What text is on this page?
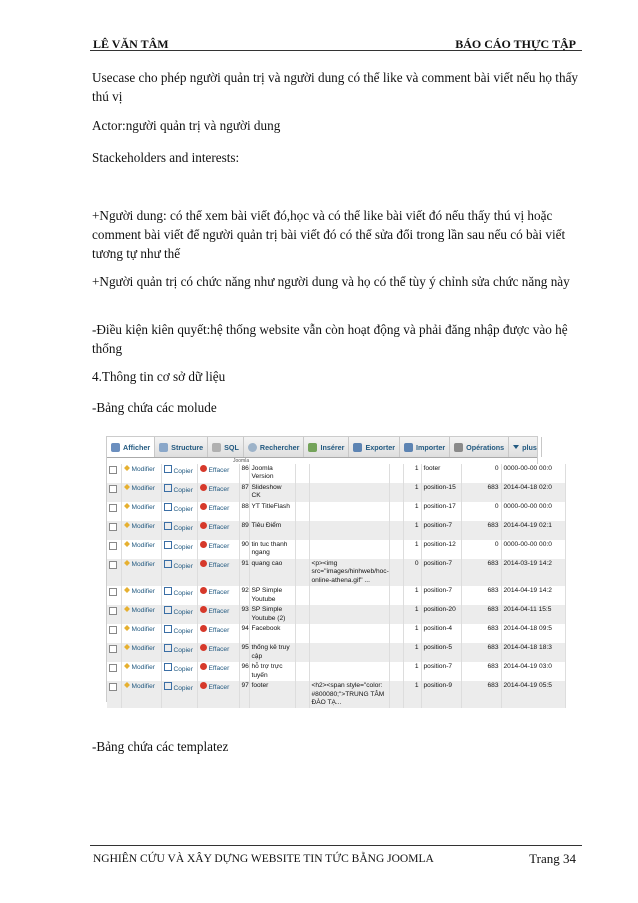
LÊ VĂN TÂM	BÁO CÁO THỰC TẬP

Usecase cho phép người quản trị và người dung có thể like và comment bài viết nếu họ thấy thú vị

Actor:người quản trị và người dung

Stackeholders and interests:

+Người dung: có thể xem bài viết đó,học và có thể like bài viết đó nếu thấy thú vị hoặc comment bài viết để người quản trị bài viết đó có thể sửa đổi trong lần sau nếu có bài viết tương tự như thế

+Người quản trị có chức năng như người dung và họ có thể tùy ý chỉnh sửa chức năng này

-Điều kiện kiên quyết:hệ thống website vẫn còn hoạt động và phải đăng nhập được vào hệ thống

4.Thông tin cơ sở dữ liệu

-Bảng chứa các molude

Afficher	Structure	SQL	Rechercher	Insérer	Exporter	Importer	Opérations	plus
Joomla
	Modifier	Copier	Effacer	86	Joomla Version				1	footer	0	0000-00-00 00:0
	Modifier	Copier	Effacer	87	Slideshow CK				1	position-15	683	2014-04-18 02:0
	Modifier	Copier	Effacer	88	YT TitleFlash				1	position-17	0	0000-00-00 00:0
	Modifier	Copier	Effacer	89	Tiêu Điểm				1	position-7	683	2014-04-19 02:1
	Modifier	Copier	Effacer	90	tin tuc thanh ngang				1	position-12	0	0000-00-00 00:0
	Modifier	Copier	Effacer	91	quang cao		<p><img src="images/hinhweb/hoc-online-athena.gif" ...		0	position-7	683	2014-03-19 14:2
	Modifier	Copier	Effacer	92	SP Simple Youtube				1	position-7	683	2014-04-19 14:2
	Modifier	Copier	Effacer	93	SP Simple Youtube (2)				1	position-20	683	2014-04-11 15:5
	Modifier	Copier	Effacer	94	Facebook				1	position-4	683	2014-04-18 09:5
	Modifier	Copier	Effacer	95	thống kê truy cập				1	position-5	683	2014-04-18 18:3
	Modifier	Copier	Effacer	96	hỗ trợ trực tuyến				1	position-7	683	2014-04-19 03:0
	Modifier	Copier	Effacer	97	footer		<h2><span style="color: #800080;">TRUNG TÂM ĐÀO TẠ...		1	position-9	683	2014-04-19 05:5

-Bảng chứa các templatez

NGHIÊN CỨU VÀ XÂY DỰNG WEBSITE TIN TỨC BẰNG JOOMLA	Trang 34
